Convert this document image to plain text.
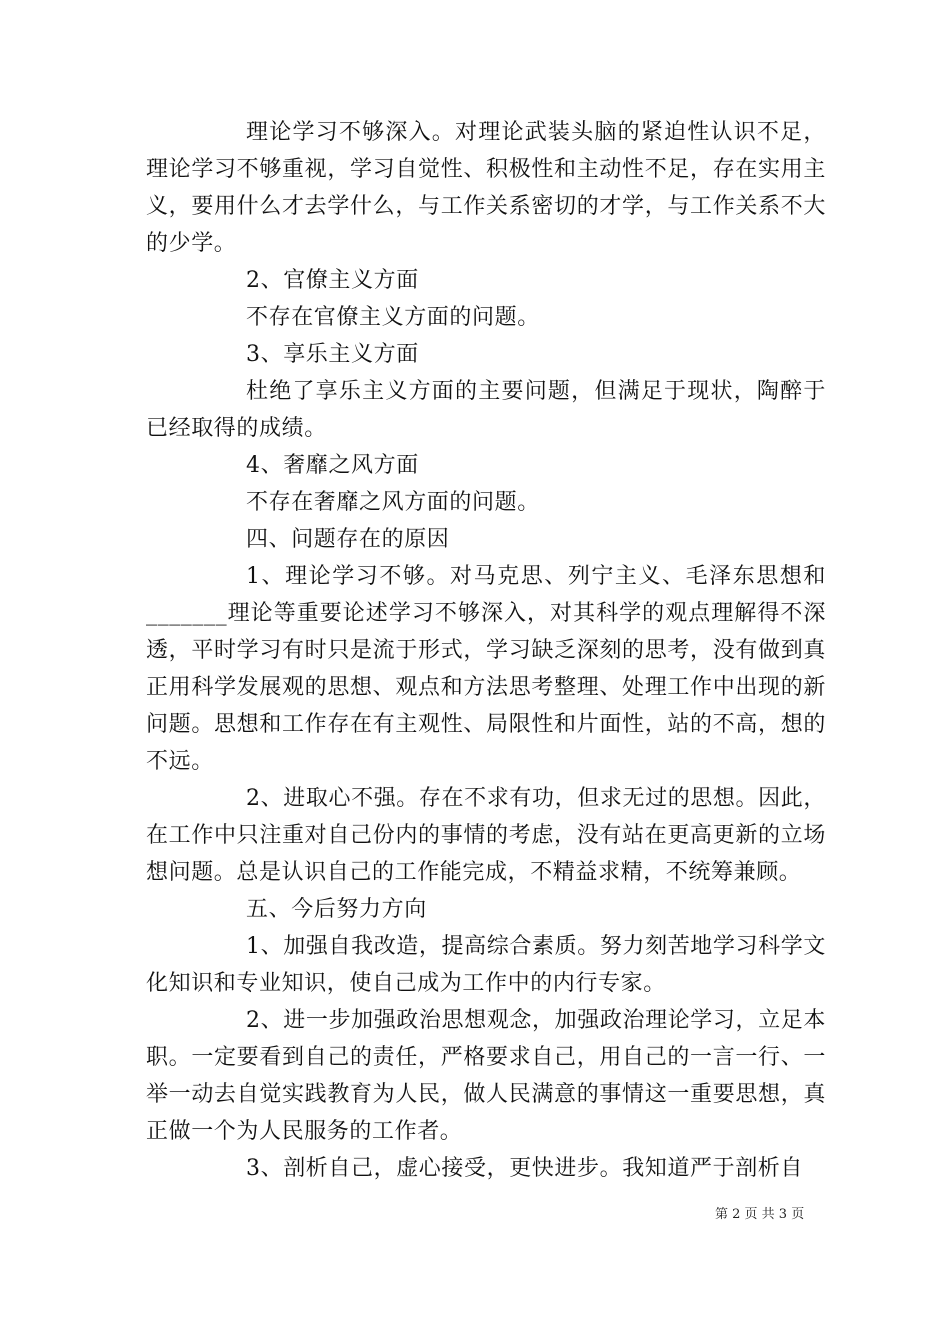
理论学习不够深入。对理论武装头脑的紧迫性认识不足，理论学习不够重视，学习自觉性、积极性和主动性不足，存在实用主义，要用什么才去学什么，与工作关系密切的才学，与工作关系不大的少学。

2、官僚主义方面

不存在官僚主义方面的问题。

3、享乐主义方面

杜绝了享乐主义方面的主要问题，但满足于现状，陶醉于已经取得的成绩。

4、奢靡之风方面

不存在奢靡之风方面的问题。

四、问题存在的原因

1、理论学习不够。对马克思、列宁主义、毛泽东思想和_______理论等重要论述学习不够深入，对其科学的观点理解得不深透，平时学习有时只是流于形式，学习缺乏深刻的思考，没有做到真正用科学发展观的思想、观点和方法思考整理、处理工作中出现的新问题。思想和工作存在有主观性、局限性和片面性，站的不高，想的不远。

2、进取心不强。存在不求有功，但求无过的思想。因此，在工作中只注重对自己份内的事情的考虑，没有站在更高更新的立场想问题。总是认识自己的工作能完成，不精益求精，不统筹兼顾。

五、今后努力方向

1、加强自我改造，提高综合素质。努力刻苦地学习科学文化知识和专业知识，使自己成为工作中的内行专家。

2、进一步加强政治思想观念，加强政治理论学习，立足本职。一定要看到自己的责任，严格要求自己，用自己的一言一行、一举一动去自觉实践教育为人民，做人民满意的事情这一重要思想，真正做一个为人民服务的工作者。

3、剖析自己，虚心接受，更快进步。我知道严于剖析自

第 2 页 共 3 页
